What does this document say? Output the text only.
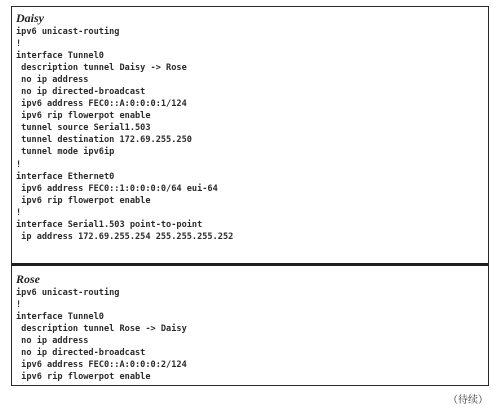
Daisy
ipv6 unicast-routing
!
interface Tunnel0
description tunnel Daisy -> Rose
no ip address
no ip directed-broadcast
ipv6 address FEC0::A:0:0:0:1/124
ipv6 rip flowerpot enable
tunnel source Serial1.503
tunnel destination 172.69.255.250
tunnel mode ipv6ip
!
interface Ethernet0
ipv6 address FEC0::1:0:0:0:0/64 eui-64
ipv6 rip flowerpot enable
!
interface Serial1.503 point-to-point
ip address 172.69.255.254 255.255.255.252
Rose
ipv6 unicast-routing
!
interface Tunnel0
description tunnel Rose -> Daisy
no ip address
no ip directed-broadcast
ipv6 address FEC0::A:0:0:0:2/124
ipv6 rip flowerpot enable
（待续）
